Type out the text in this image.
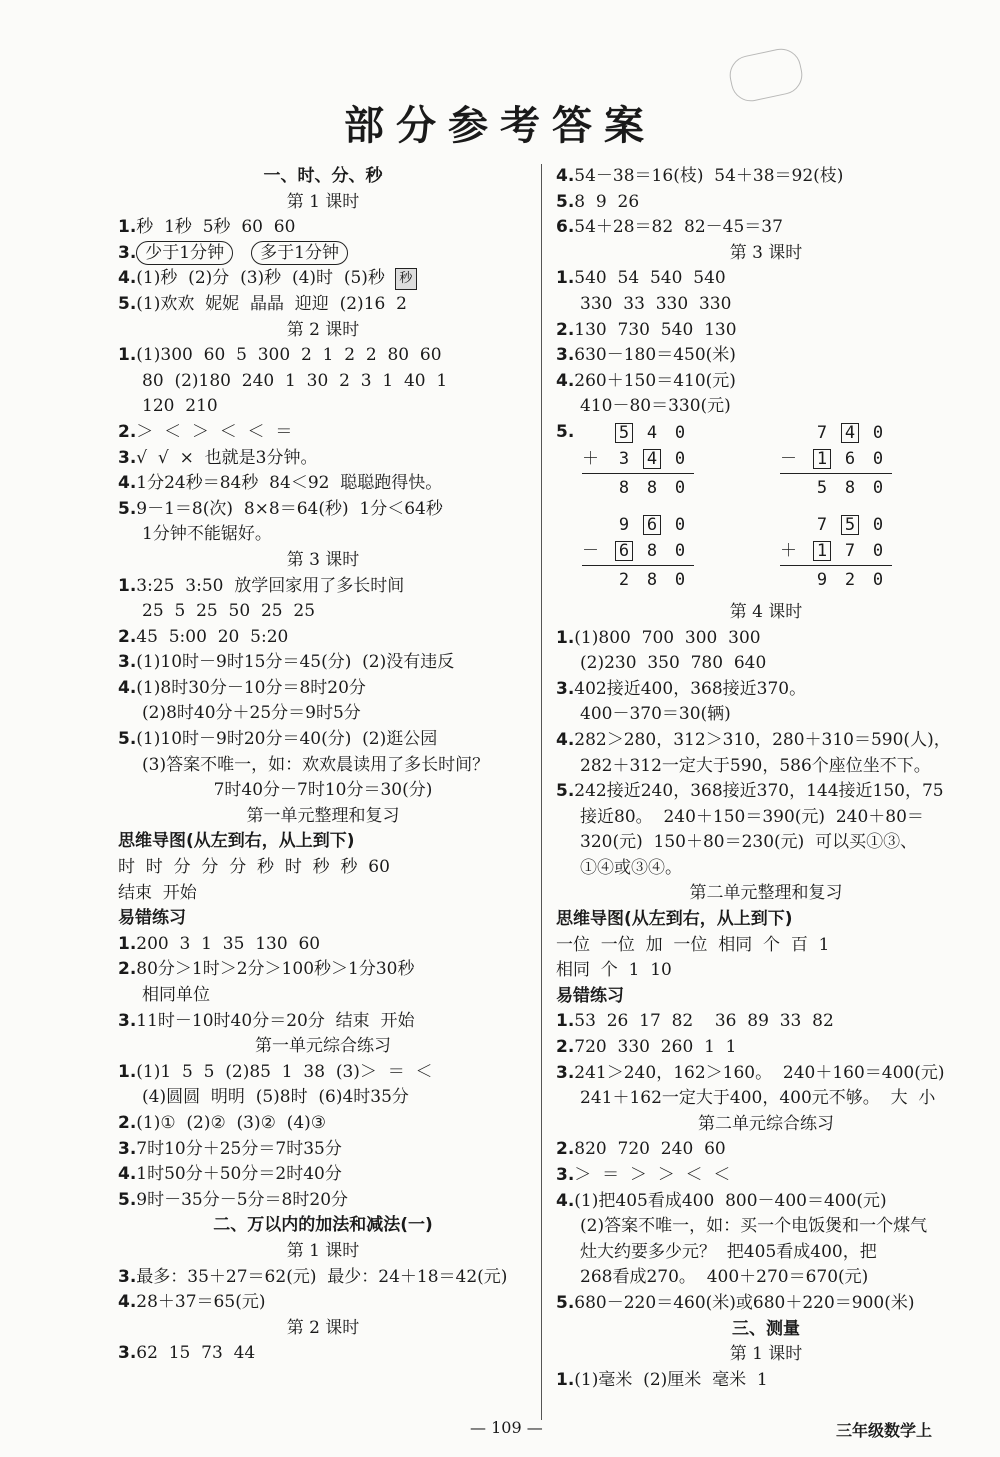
部分参考答案
一、时、分、秒
第 1 课时
1.秒  1秒  5秒  60  60
3. 少于1分钟 多于1分钟
4.(1)秒  (2)分  (3)秒  (4)时  (5)秒 秒
5.(1)欢欢  妮妮  晶晶  迎迎  (2)16  2
第 2 课时
1.(1)300  60  5  300  2  1  2  2  80  60
80  (2)180  240  1  30  2  3  1  40  1
120  210
2.＞  ＜  ＞  ＜  ＜  ＝
3.√  √  ×  也就是3分钟。
4.1分24秒＝84秒  84＜92  聪聪跑得快。
5.9－1＝8(次)  8×8＝64(秒)  1分＜64秒
1分钟不能锯好。
第 3 课时
1.3:25  3:50  放学回家用了多长时间
25  5  25  50  25  25
2.45  5:00  20  5:20
3.(1)10时－9时15分＝45(分)  (2)没有违反
4.(1)8时30分－10分＝8时20分
(2)8时40分＋25分＝9时5分
5.(1)10时－9时20分＝40(分)  (2)逛公园
(3)答案不唯一，如：欢欢晨读用了多长时间？
7时40分－7时10分＝30(分)
第一单元整理和复习
思维导图(从左到右，从上到下)
时  时  分  分  分  秒  时  秒  秒  60
结束  开始
易错练习
1.200  3  1  35  130  60
2.80分＞1时＞2分＞100秒＞1分30秒
相同单位
3.11时－10时40分＝20分  结束  开始
第一单元综合练习
1.(1)1  5  5  (2)85  1  38  (3)＞  ＝  ＜
(4)圆圆  明明  (5)8时  (6)4时35分
2.(1)①  (2)②  (3)②  (4)③
3.7时10分＋25分＝7时35分
4.1时50分＋50分＝2时40分
5.9时－35分－5分＝8时20分
二、万以内的加法和减法(一)
第 1 课时
3.最多：35＋27＝62(元)  最少：24＋18＝42(元)
4.28＋37＝65(元)
第 2 课时
3.62  15  73  44
4.54－38＝16(枝)  54＋38＝92(枝)
5.8  9  26
6.54＋28＝82  82－45＝37
第 3 课时
1.540  54  540  540
330  33  330  330
2.130  730  540  130
3.630－180＝450(米)
4.260＋150＝410(元)
410－80＝330(元)
5.	5 4 0
＋ 3 4 0
8 8 0
7 4 0
－ 1 6 0
5 8 0
9 6 0
－ 6 8 0
2 8 0
7 5 0
＋ 1 7 0
9 2 0
第 4 课时
1.(1)800  700  300  300
(2)230  350  780  640
3.402接近400，368接近370。
400－370＝30(辆)
4.282＞280，312＞310，280＋310＝590(人)，
282＋312一定大于590，586个座位坐不下。
5.242接近240，368接近370，144接近150，75
接近80。  240＋150＝390(元)  240＋80＝
320(元)  150＋80＝230(元)  可以买①③、
①④或③④。
第二单元整理和复习
思维导图(从左到右，从上到下)
一位  一位  加  一位  相同  个  百  1
相同  个  1  10
易错练习
1.53  26  17  82    36  89  33  82
2.720  330  260  1  1
3.241＞240，162＞160。  240＋160＝400(元)
241＋162一定大于400，400元不够。  大  小
第二单元综合练习
2.820  720  240  60
3.＞  ＝  ＞  ＞  ＜  ＜
4.(1)把405看成400  800－400＝400(元)
(2)答案不唯一，如：买一个电饭煲和一个煤气
灶大约要多少元？  把405看成400，把
268看成270。  400＋270＝670(元)
5.680－220＝460(米)或680＋220＝900(米)
三、测量
第 1 课时
1.(1)毫米  (2)厘米  毫米  1
— 109 —	三年级数学上
